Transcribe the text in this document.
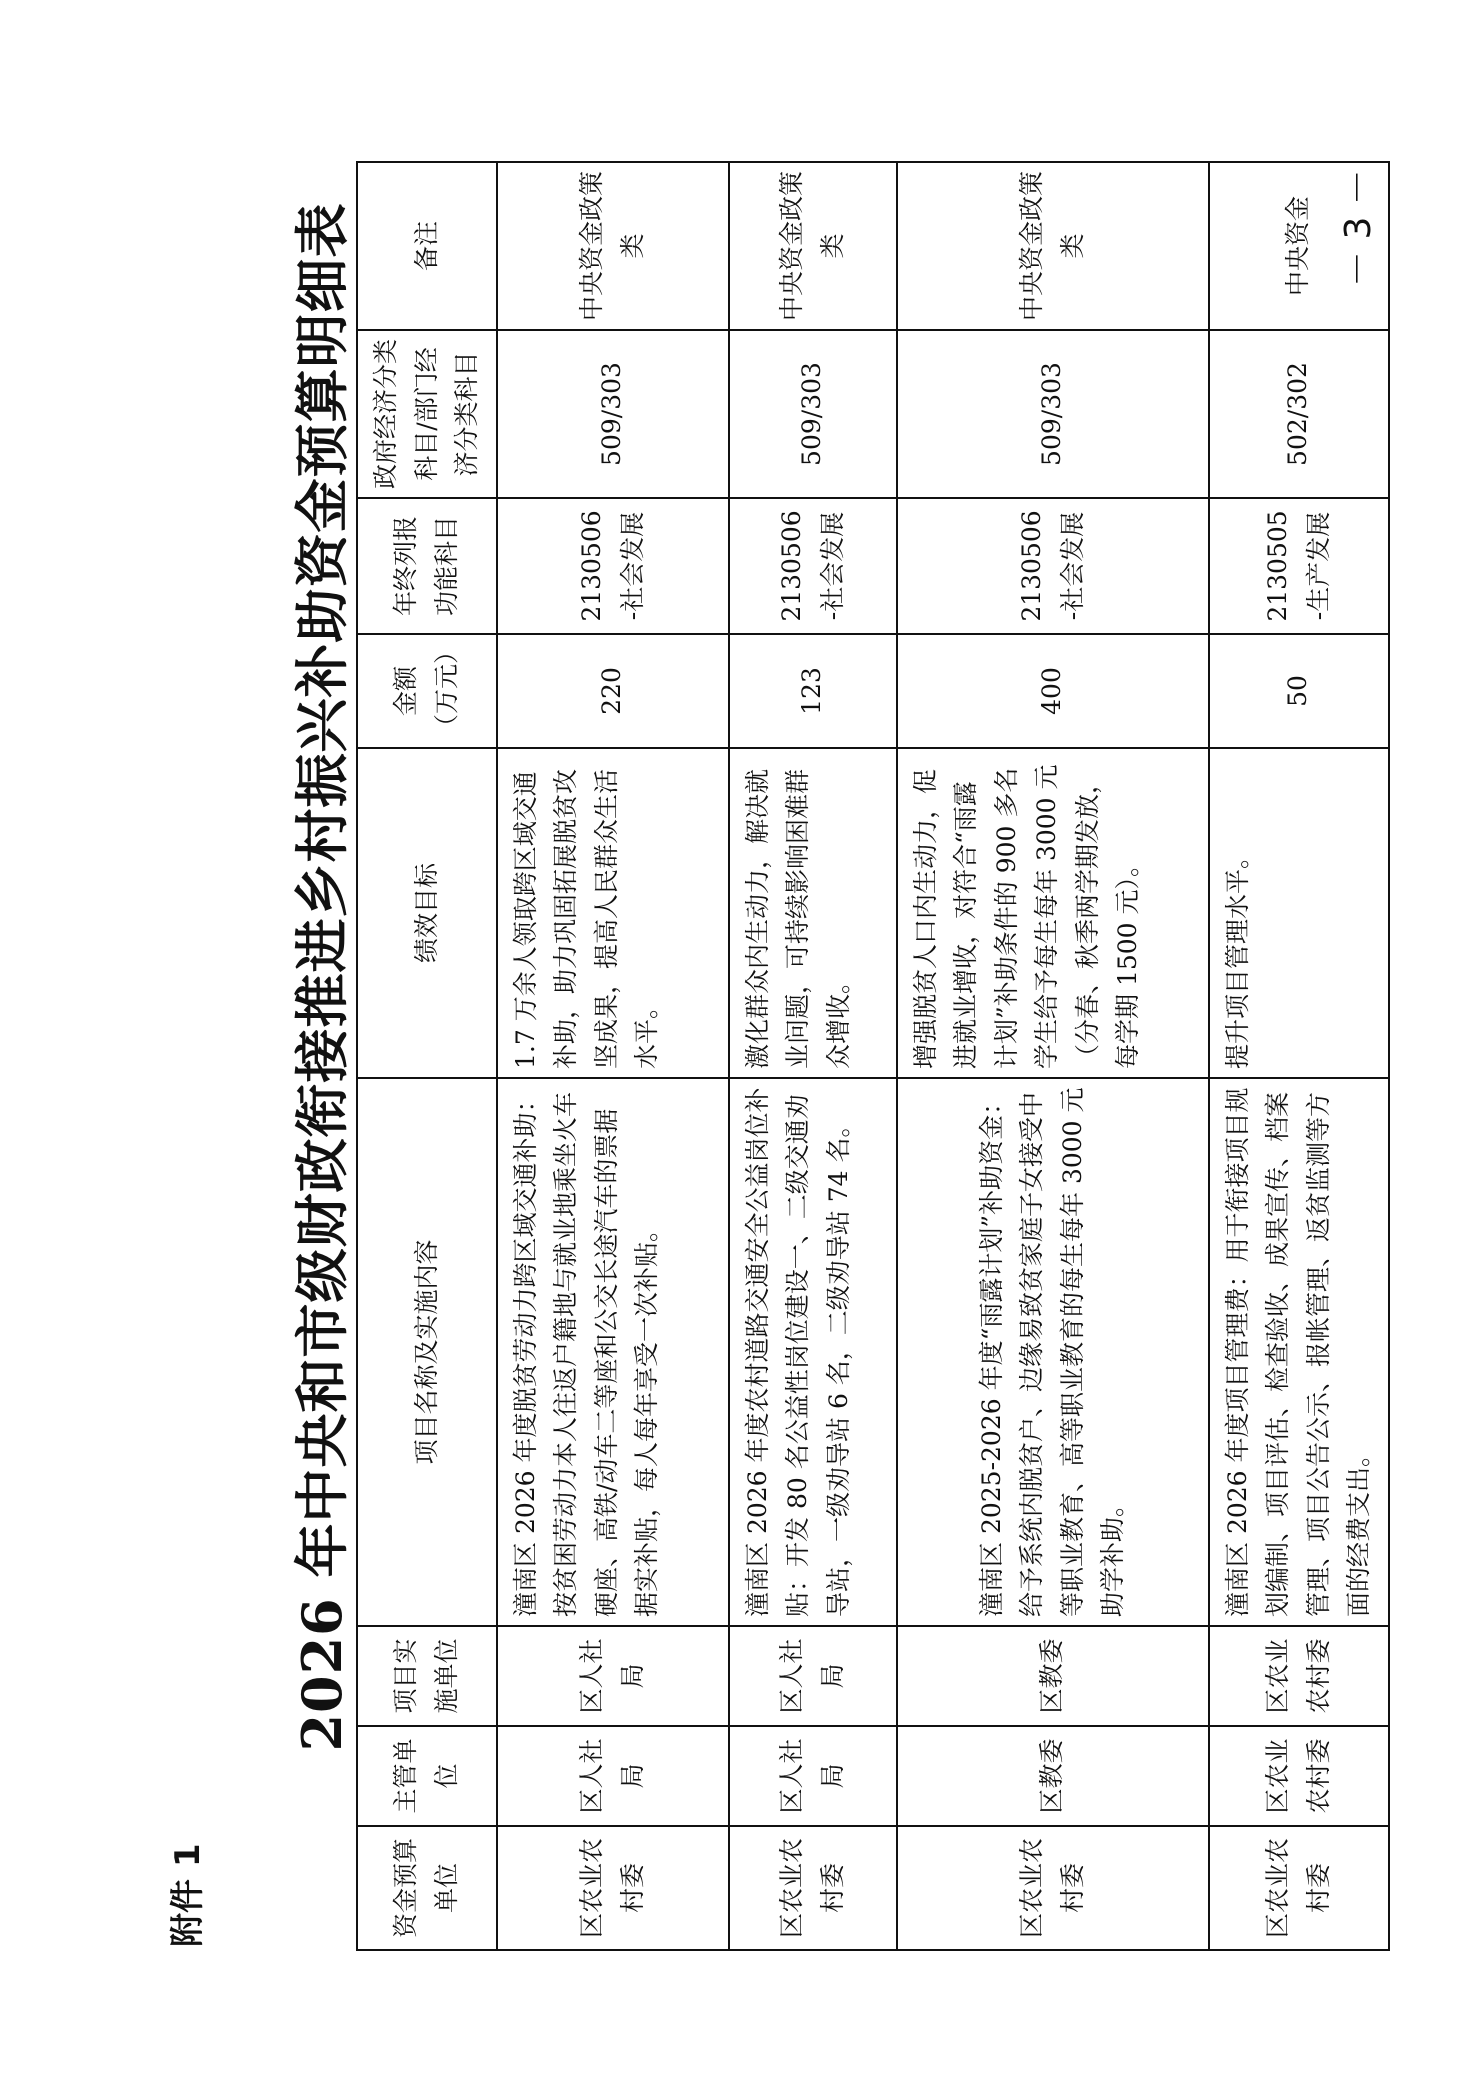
附件 1
2026 年中央和市级财政衔接推进乡村振兴补助资金预算明细表
资金预算单位	主管单位	项目实施单位	项目名称及实施内容	绩效目标	金额（万元）	年终列报功能科目	政府经济分类科目/部门经济分类科目	备注
区农业农村委	区人社局	区人社局	潼南区 2026 年度脱贫劳动力跨区域交通补助：按贫困劳动力本人往返户籍地与就业地乘坐火车硬座、高铁/动车二等座和公交长途汽车的票据据实补贴，每人每年享受一次补贴。	1.7 万余人领取跨区域交通补助，助力巩固拓展脱贫攻坚成果，提高人民群众生活水平。	220	2130506-社会发展	509/303	中央资金政策类
区农业农村委	区人社局	区人社局	潼南区 2026 年度农村道路交通安全公益岗位补贴：开发 80 名公益性岗位建设一、二级交通劝导站，一级劝导站 6 名，二级劝导站 74 名。	激化群众内生动力，解决就业问题，可持续影响困难群众增收。	123	2130506-社会发展	509/303	中央资金政策类
区农业农村委	区教委	区教委	潼南区 2025-2026 年度“雨露计划”补助资金：给予系统内脱贫户、边缘易致贫家庭子女接受中等职业教育、高等职业教育的每生每年 3000 元助学补助。	增强脱贫人口内生动力，促进就业增收，对符合“雨露计划”补助条件的 900 多名学生给予每生每年 3000 元（分春、秋季两学期发放，每学期 1500 元）。	400	2130506-社会发展	509/303	中央资金政策类
区农业农村委	区农业农村委	区农业农村委	潼南区 2026 年度项目管理费：用于衔接项目规划编制、项目评估、检查验收、成果宣传、档案管理、项目公告公示、报帐管理、返贫监测等方面的经费支出。	提升项目管理水平。	50	2130505-生产发展	502/302	中央资金 － 3 －
